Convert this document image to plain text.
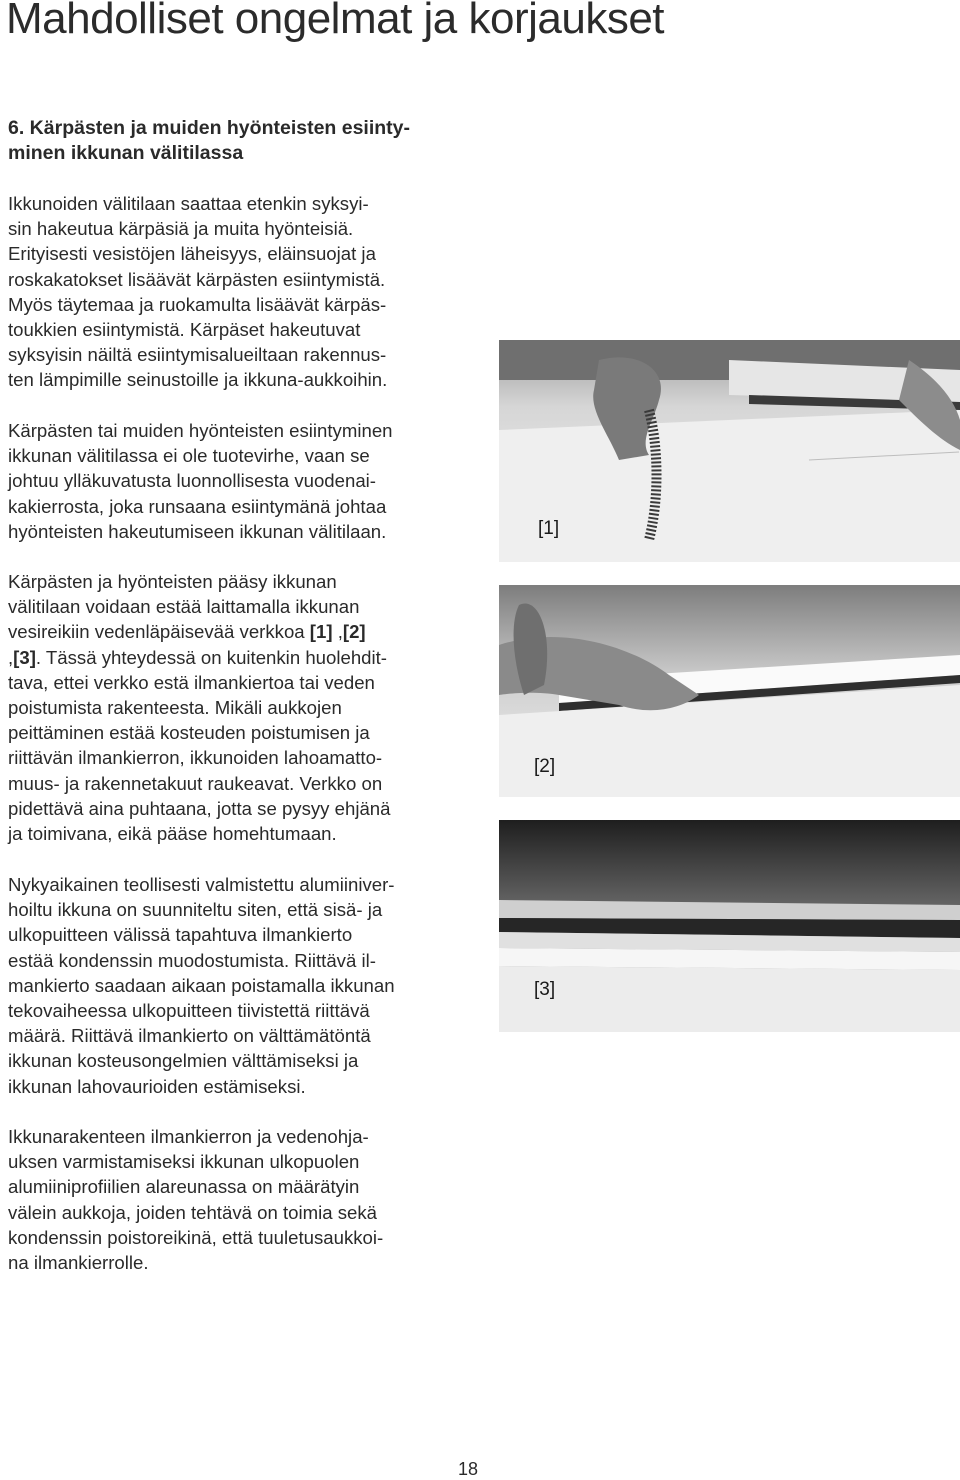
Mahdolliset ongelmat ja korjaukset
6. Kärpästen ja muiden hyönteisten esiinty-
minen ikkunan välitilassa
Ikkunoiden välitilaan saattaa etenkin syksyi-
sin hakeutua kärpäsiä ja muita hyönteisiä.
Erityisesti vesistöjen läheisyys, eläinsuojat ja
roskakatokset lisäävät kärpästen esiintymistä.
Myös täytemaa ja ruokamulta lisäävät kärpäs-
toukkien esiintymistä. Kärpäset hakeutuvat
syksyisin näiltä esiintymisalueiltaan rakennus-
ten lämpimille seinustoille ja ikkuna-aukkoihin.
Kärpästen tai muiden hyönteisten esiintyminen
ikkunan välitilassa ei ole tuotevirhe, vaan se
johtuu ylläkuvatusta luonnollisesta vuodenai-
kakierrosta, joka runsaana esiintymänä johtaa
hyönteisten hakeutumiseen ikkunan välitilaan.
Kärpästen ja hyönteisten pääsy ikkunan
välitilaan voidaan estää laittamalla ikkunan
vesireikiin vedenläpäisevää verkkoa [1] ,[2]
,[3]. Tässä yhteydessä on kuitenkin huolehdit-
tava, ettei verkko estä ilmankiertoa tai veden
poistumista rakenteesta. Mikäli aukkojen
peittäminen estää kosteuden poistumisen ja
riittävän ilmankierron, ikkunoiden lahoamatto-
muus- ja rakennetakuut raukeavat. Verkko on
pidettävä aina puhtaana, jotta se pysyy ehjänä
ja toimivana, eikä pääse homehtumaan.
Nykyaikainen teollisesti valmistettu alumiiniver-
hoiltu ikkuna on suunniteltu siten, että sisä- ja
ulkopuitteen välissä tapahtuva ilmankierto
estää kondenssin muodostumista. Riittävä il-
mankierto saadaan aikaan poistamalla ikkunan
tekovaiheessa ulkopuitteen tiivistettä riittävä
määrä. Riittävä ilmankierto on välttämätöntä
ikkunan kosteusongelmien välttämiseksi ja
ikkunan lahovaurioiden estämiseksi.
Ikkunarakenteen ilmankierron ja vedenohja-
uksen varmistamiseksi ikkunan ulkopuolen
alumiiniprofiilien alareunassa on määrätyin
välein aukkoja, joiden tehtävä on toimia sekä
kondenssin poistoreikinä, että tuuletusaukkoi-
na ilmankierrolle.
[1]
[2]
[3]
18
